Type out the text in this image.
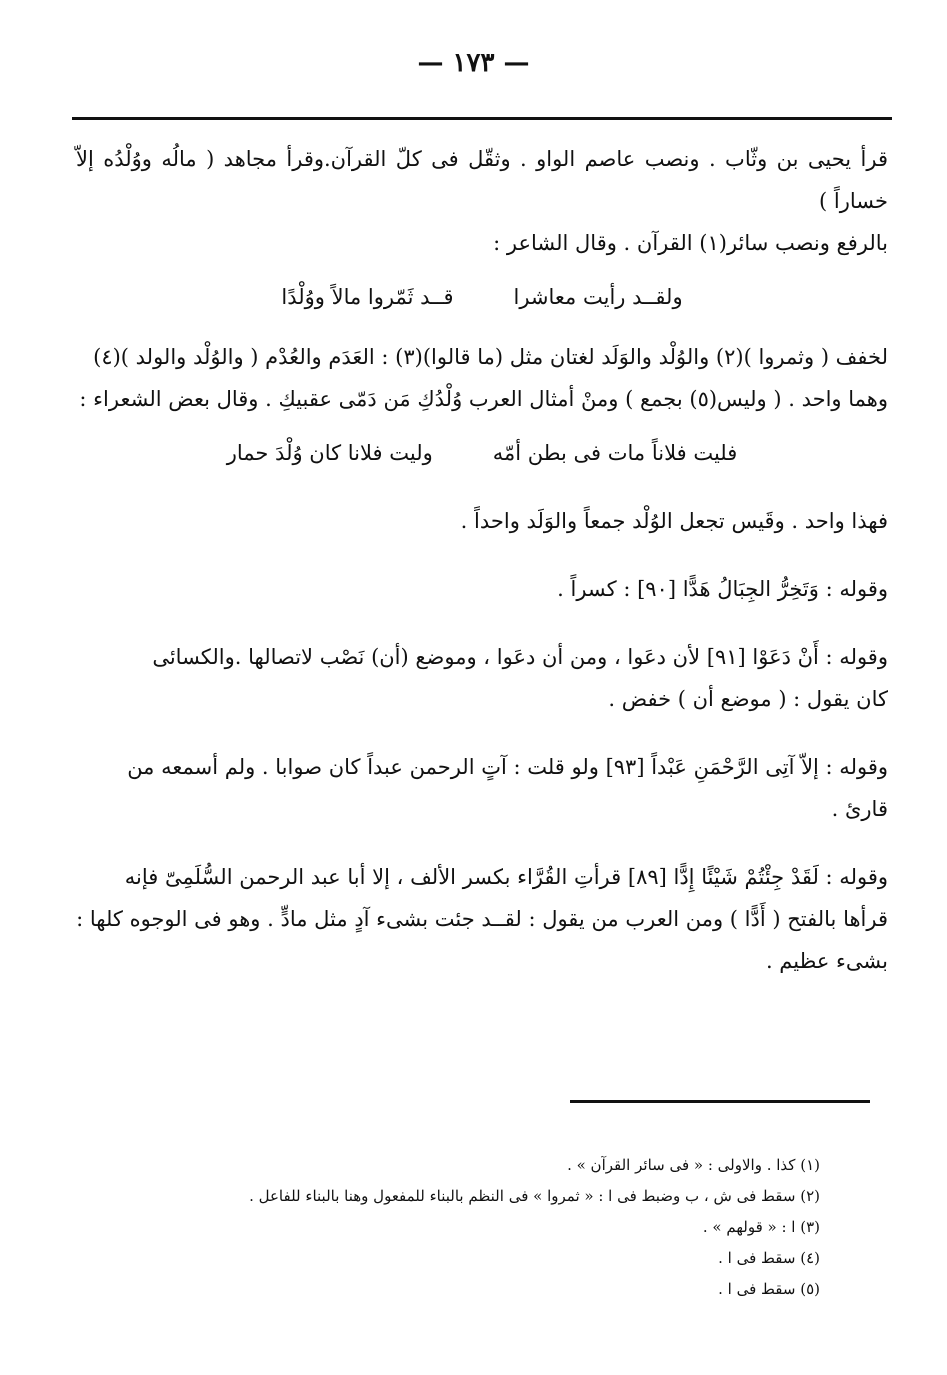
— ١٧٣ —

قرأ يحيى بن وثّاب . ونصب عاصم الواو . وثقّل فى كلّ القرآن.وقرأ مجاهد ( مالُه ووُلْدُه إلاّ خساراً )

بالرفع ونصب سائر(١) القرآن . وقال الشاعر :

ولقــد رأيت معاشرا
قــد ثَمّروا مالاً ووُلْدًا

لخفف ( وثمروا )(٢) والوُلْد والوَلَد لغتان مثل (ما قالوا)(٣) : العَدَم والعُدْم ( والوُلْد والولد )(٤)

وهما واحد . ( وليس(٥) بجمع ) ومنْ أمثال العرب وُلْدُكِ مَن دَمّى عقبيكِ . وقال بعض الشعراء :

فليت فلاناً مات فى بطن أمّه
وليت فلانا كان وُلْدَ حمار

فهذا واحد . وقَيس تجعل الوُلْد جمعاً والوَلَد واحداً .

وقوله : وَتَخِرُّ الجِبَالُ هَدًّا [٩٠] : كسراً .

وقوله : أَنْ دَعَوْا [٩١] لأن دعَوا ، ومن أن دعَوا ، وموضع (أن) نَصْب لاتصالها .والكسائى

كان يقول : ( موضع أن ) خفض .

وقوله : إلاّ آتِى الرَّحْمَنِ عَبْداً [٩٣] ولو قلت : آتٍ الرحمن عبداً كان صوابا . ولم أسمعه من

قارئ .

وقوله : لَقَدْ جِئْتُمْ شَيْئًا إِدًّا [٨٩] قرأتِ القُرَّاء بكسر الألف ، إلا أبا عبد الرحمن السُّلَمِىّ فإنه

قرأها بالفتح ( أَدًّا ) ومن العرب من يقول : لقــد جئت بشىء آدٍ مثل مادٍّ . وهو فى الوجوه كلها :

بشىء عظيم .

(١) كذا . والاولى : « فى سائر القرآن » .

(٢) سقط فى ش ، ب وضبط فى ا : « ثمروا » فى النظم بالبناء للمفعول وهنا بالبناء للفاعل .

(٣) ا : « قولهم » .

(٤) سقط فى ا .

(٥) سقط فى ا .
